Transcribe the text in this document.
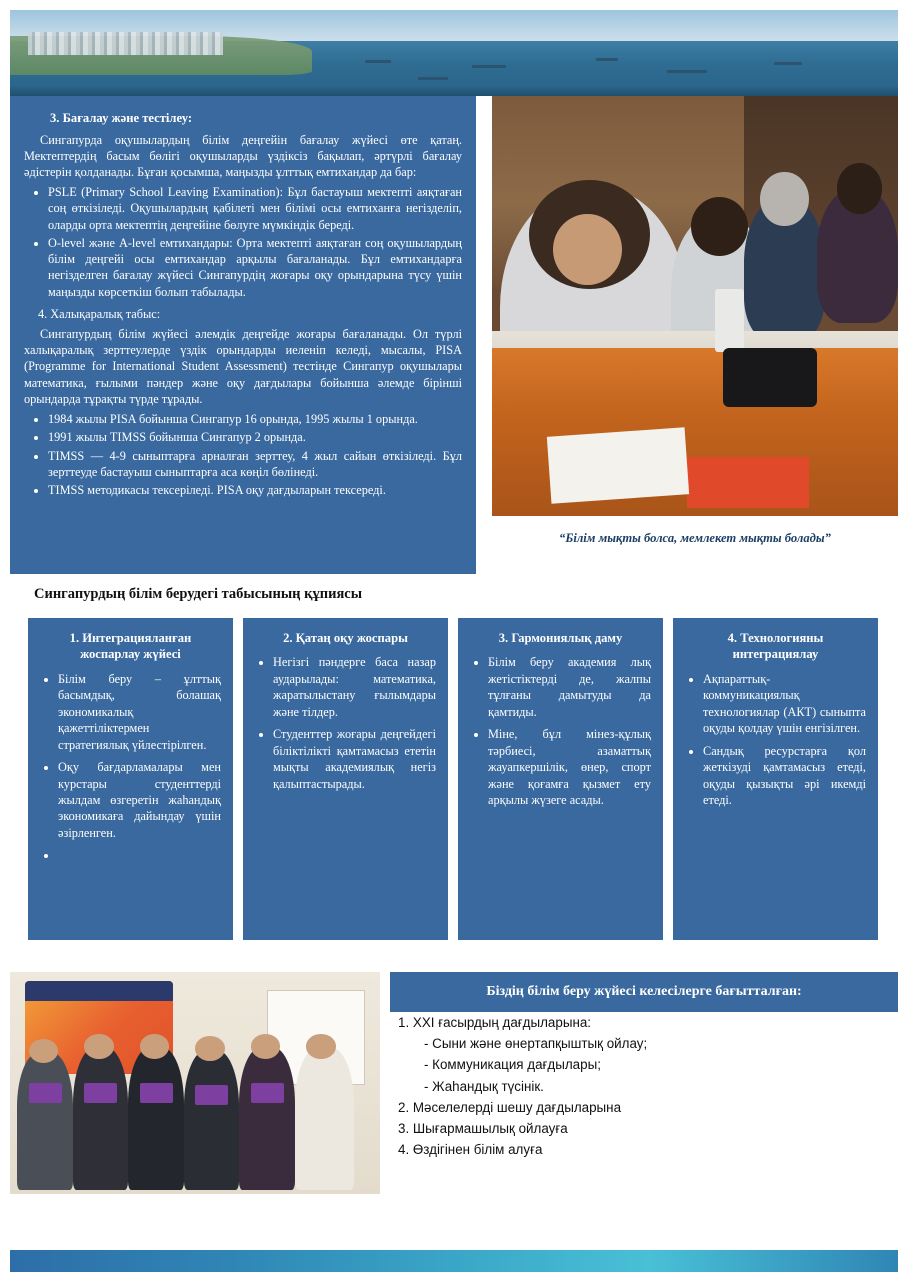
3. Бағалау және тестілеу:

Сингапурда оқушылардың білім деңгейін бағалау жүйесі өте қатаң. Мектептердің басым бөлігі оқушыларды үздіксіз бақылап, әртүрлі бағалау әдістерін қолданады. Бұған қосымша, маңызды ұлттық емтихандар да бар:

• PSLE (Primary School Leaving Examination): Бұл бастауыш мектепті аяқтаған соң өткізіледі. Оқушылардың қабілеті мен білімі осы емтиханға негізделіп, оларды орта мектептің деңгейіне бөлуге мүмкіндік береді.
• O-level және A-level емтихандары: Орта мектепті аяқтаған соң оқушылардың білім деңгейі осы емтихандар арқылы бағаланады. Бұл емтихандарға негізделген бағалау жүйесі Сингапурдің жоғары оқу орындарына түсу үшін маңызды көрсеткіш болып табылады.
4. Халықаралық табыс:

Сингапурдың білім жүйесі әлемдік деңгейде жоғары бағаланады. Ол түрлі халықаралық зерттеулерде үздік орындарды иеленіп келеді, мысалы, PISA (Programme for International Student Assessment) тестінде Сингапур оқушылары математика, ғылыми пәндер және оқу дағдылары бойынша әлемде бірінші орындарда тұрақты түрде тұрады.

• 1984 жылы PISA бойынша Сингапур 16 орында, 1995 жылы 1 орында.
• 1991 жылы TIMSS бойынша Сингапур 2 орында.
• TIMSS — 4-9 сыныптарға арналған зерттеу, 4 жыл сайын өткізіледі. Бұл зерттеуде бастауыш сыныптарға аса көңіл бөлінеді.
• TIMSS методикасы тексеріледі. PISA оқу дағдыларын тексереді.
“Білім мықты болса, мемлекет мықты болады”
Сингапурдың білім берудегі табысының құпиясы
1. Интеграцияланған жоспарлау жүйесі
• Білім беру – ұлттық басымдық, болашақ экономикалық қажеттіліктермен стратегиялық үйлестірілген.
• Оқу бағдарламалары мен курстары студенттерді жылдам өзгеретін жаһандық экономикаға дайындау үшін әзірленген.
•
2. Қатаң оқу жоспары
• Негізгі пәндерге баса назар аударылады: математика, жаратылыстану ғылымдары және тілдер.
• Студенттер жоғары деңгейдегі біліктілікті қамтамасыз ететін мықты академиялық негіз қалыптастырады.
3. Гармониялық даму
• Білім беру академия лық жетістіктерді де, жалпы тұлғаны дамытуды да қамтиды.
• Міне, бұл мінез-құлық тәрбиесі, азаматтық жауапкершілік, өнер, спорт және қоғамға қызмет ету арқылы жүзеге асады.
4. Технологияны интеграциялау
• Ақпараттық-коммуникациялық технологиялар (АКТ) сыныпта оқуды қолдау үшін енгізілген.
• Сандық ресурстарға қол жеткізуді қамтамасыз етеді, оқуды қызықты әрі икемді етеді.
Біздің білім беру жүйесі келесілерге бағытталған:
1. XXI ғасырдың дағдыларына:
- Сыни және өнертапқыштық ойлау;
- Коммуникация дағдылары;
- Жаһандық түсінік.
2. Мәселелерді шешу дағдыларына
3. Шығармашылық ойлауға
4. Өздігінен білім алуға
